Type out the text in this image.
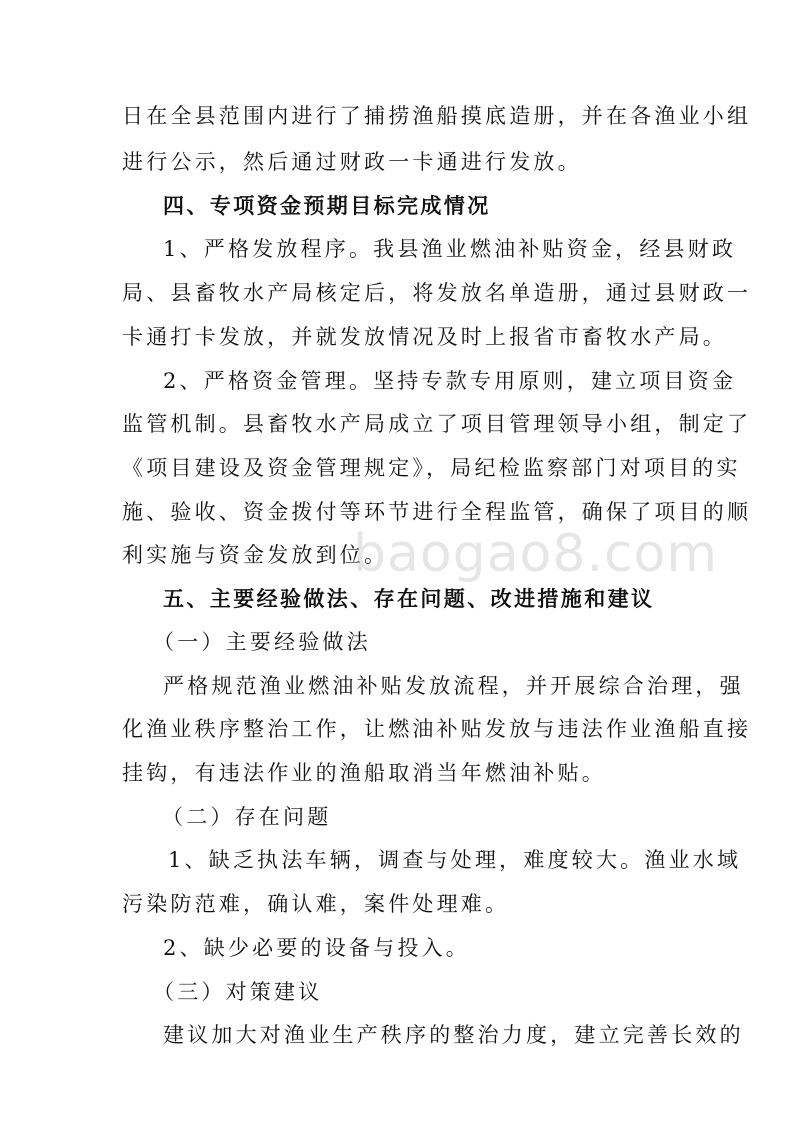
日在全县范围内进行了捕捞渔船摸底造册，并在各渔业小组
进行公示，然后通过财政一卡通进行发放。
四、专项资金预期目标完成情况
1、严格发放程序。我县渔业燃油补贴资金，经县财政
局、县畜牧水产局核定后，将发放名单造册，通过县财政一
卡通打卡发放，并就发放情况及时上报省市畜牧水产局。
2、严格资金管理。坚持专款专用原则，建立项目资金
监管机制。县畜牧水产局成立了项目管理领导小组，制定了
《项目建设及资金管理规定》，局纪检监察部门对项目的实
施、验收、资金拨付等环节进行全程监管，确保了项目的顺
利实施与资金发放到位。
五、主要经验做法、存在问题、改进措施和建议
（一）主要经验做法
严格规范渔业燃油补贴发放流程，并开展综合治理，强
化渔业秩序整治工作，让燃油补贴发放与违法作业渔船直接
挂钩，有违法作业的渔船取消当年燃油补贴。
（二）存在问题
1、缺乏执法车辆，调查与处理，难度较大。渔业水域
污染防范难，确认难，案件处理难。
2、缺少必要的设备与投入。
（三）对策建议
建议加大对渔业生产秩序的整治力度，建立完善长效的
baogao8.com
